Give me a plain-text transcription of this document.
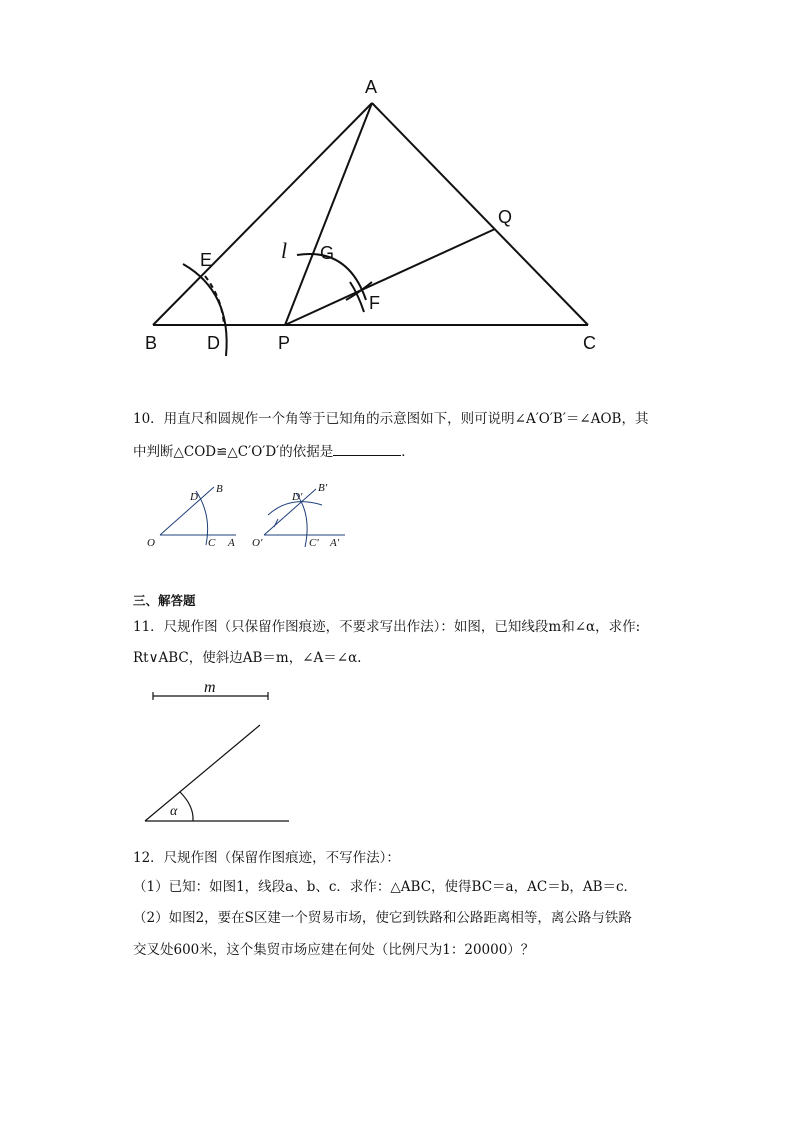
A
B	C
D
E
F
G
P
Q
l
10．用直尺和圆规作一个角等于已知角的示意图如下，则可说明∠A′O′B′＝∠AOB，其
中判断△COD≌△C′O′D′的依据是	．
O	C A
D
B
O′	C′ A′
D′
B′
三、解答题
11．尺规作图（只保留作图痕迹，不要求写出作法）：如图，已知线段m和∠α，求作:
Rt∨ABC，使斜边AB＝m，∠A＝∠α.
m
α
12．尺规作图（保留作图痕迹，不写作法）：
（1）已知：如图1，线段a、b、c．求作：△ABC，使得BC＝a，AC＝b，AB＝c．
（2）如图2，要在S区建一个贸易市场，使它到铁路和公路距离相等，离公路与铁路
交叉处600米，这个集贸市场应建在何处（比例尺为1：20000）？
